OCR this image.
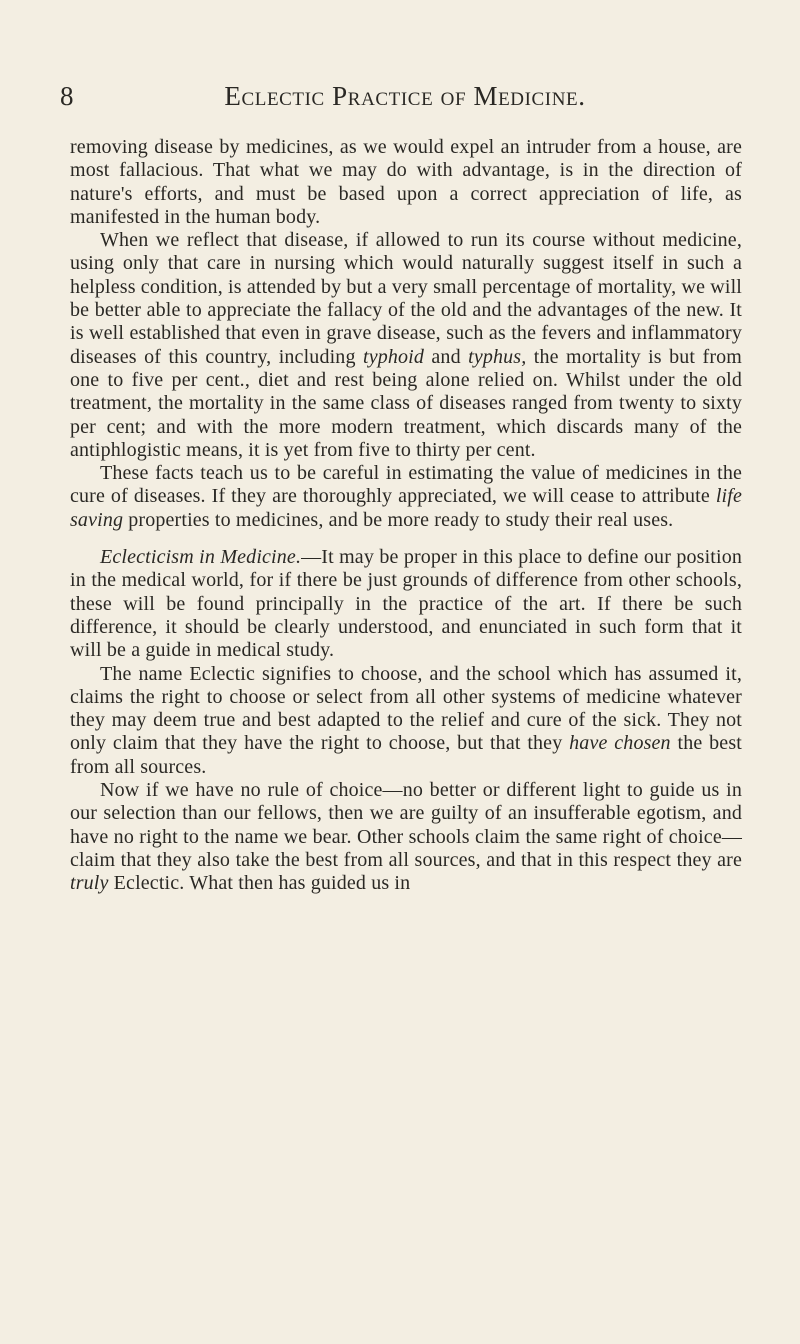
8	Eclectic Practice of Medicine.

removing disease by medicines, as we would expel an intruder from a house, are most fallacious. That what we may do with advantage, is in the direction of nature's efforts, and must be based upon a correct appreciation of life, as manifested in the human body.

When we reflect that disease, if allowed to run its course without medicine, using only that care in nursing which would naturally suggest itself in such a helpless condition, is attended by but a very small percentage of mortality, we will be better able to appreciate the fallacy of the old and the advantages of the new. It is well established that even in grave disease, such as the fevers and inflammatory diseases of this country, including typhoid and typhus, the mortality is but from one to five per cent., diet and rest being alone relied on. Whilst under the old treatment, the mortality in the same class of diseases ranged from twenty to sixty per cent; and with the more modern treatment, which discards many of the antiphlogistic means, it is yet from five to thirty per cent.

These facts teach us to be careful in estimating the value of medicines in the cure of diseases. If they are thoroughly appreciated, we will cease to attribute life saving properties to medicines, and be more ready to study their real uses.

Eclecticism in Medicine.—It may be proper in this place to define our position in the medical world, for if there be just grounds of difference from other schools, these will be found principally in the practice of the art. If there be such difference, it should be clearly understood, and enunciated in such form that it will be a guide in medical study.

The name Eclectic signifies to choose, and the school which has assumed it, claims the right to choose or select from all other systems of medicine whatever they may deem true and best adapted to the relief and cure of the sick. They not only claim that they have the right to choose, but that they have chosen the best from all sources.

Now if we have no rule of choice—no better or different light to guide us in our selection than our fellows, then we are guilty of an insufferable egotism, and have no right to the name we bear. Other schools claim the same right of choice—claim that they also take the best from all sources, and that in this respect they are truly Eclectic. What then has guided us in
